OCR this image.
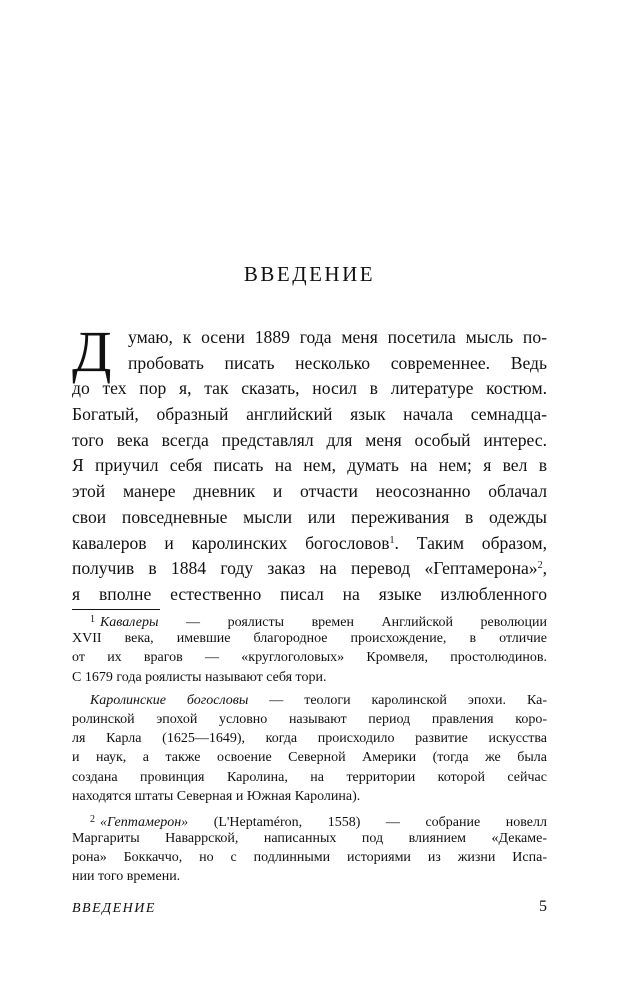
ВВЕДЕНИЕ
Д умаю, к осени 1889 года меня посетила мысль по-
пробовать писать несколько современнее. Ведь
до тех пор я, так сказать, носил в литературе костюм.
Богатый, образный английский язык начала семнадца-
того века всегда представлял для меня особый интерес.
Я приучил себя писать на нем, думать на нем; я вел в
этой манере дневник и отчасти неосознанно облачал
свои повседневные мысли или переживания в одежды
кавалеров и каролинских богословов$^1$. Таким образом,
получив в 1884 году заказ на перевод «Гептамерона»$^2$,
я вполне естественно писал на языке излюбленного
$^1$ Кавалеры — роялисты времен Английской революции
XVII века, имевшие благородное происхождение, в отличие
от их врагов — «круглоголовых» Кромвеля, простолюдинов.
С 1679 года роялисты называют себя тори.
Каролинские богословы — теологи каролинской эпохи. Ка-
ролинской эпохой условно называют период правления коро-
ля Карла (1625—1649), когда происходило развитие искусства
и наук, а также освоение Северной Америки (тогда же была
создана провинция Каролина, на территории которой сейчас
находятся штаты Северная и Южная Каролина).
$^2$ «Гептамерон» (L'Heptaméron, 1558) — собрание новелл
Маргариты Наваррской, написанных под влиянием «Декаме-
рона» Боккаччо, но с подлинными историями из жизни Испа-
нии того времени.
ВВЕДЕНИЕ	5
